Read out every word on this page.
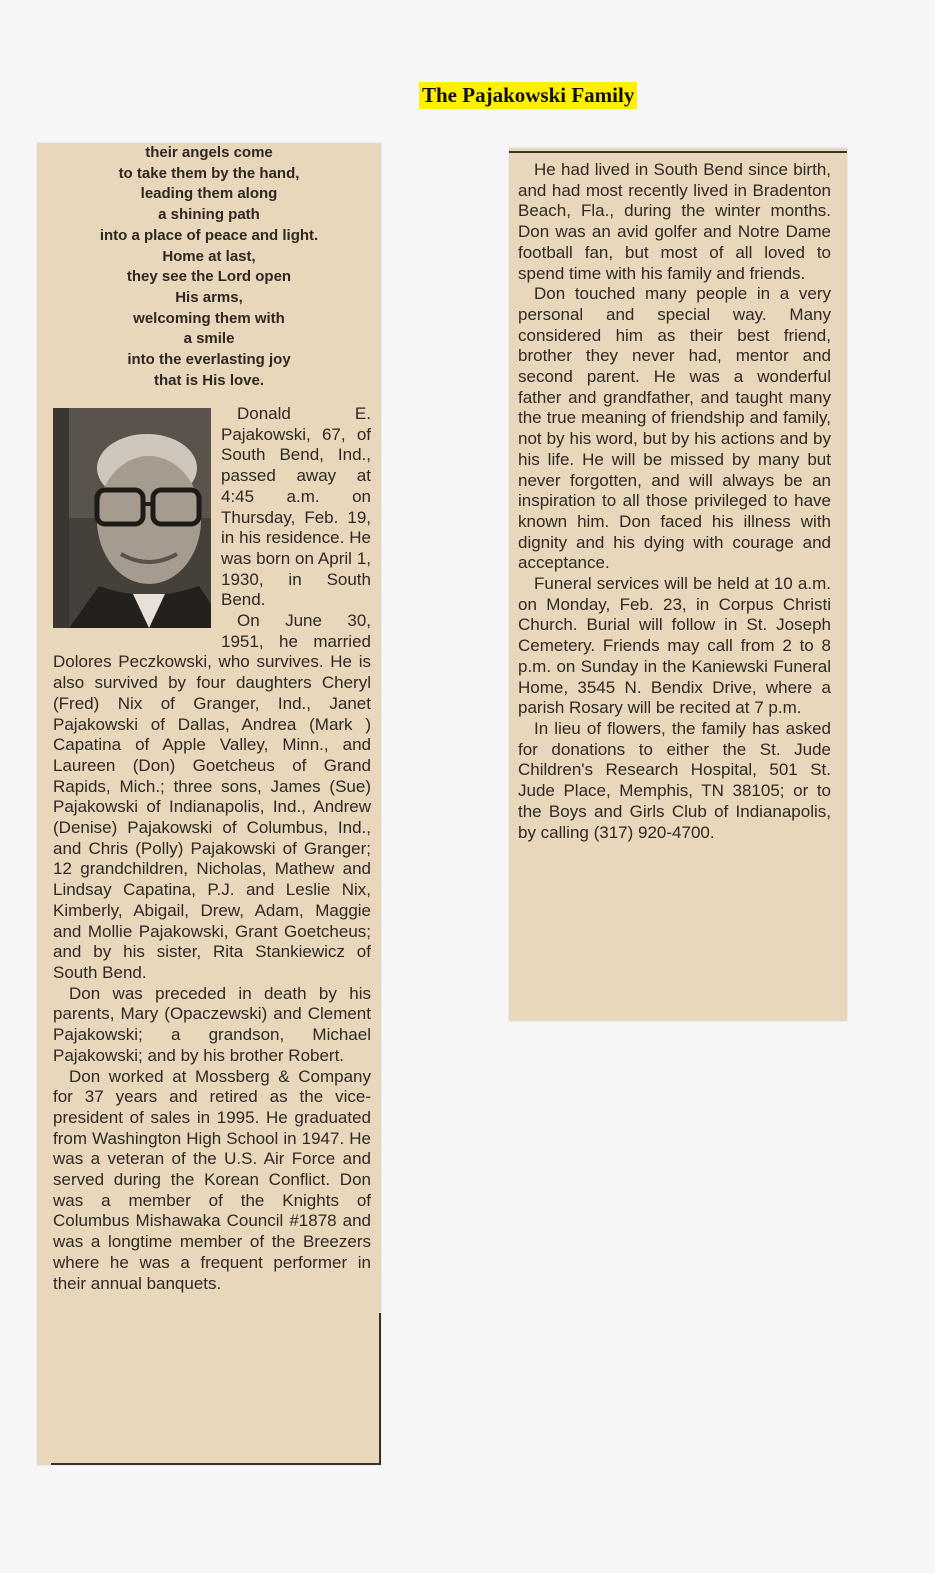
The Pajakowski Family

their angels come

to take them by the hand,

leading them along

a shining path

into a place of peace and light.

Home at last,

they see the Lord open

His arms,

welcoming them with

a smile

into the everlasting joy

that is His love.

Donald E. Pajakowski, 67, of South Bend, Ind., passed away at 4:45 a.m. on Thursday, Feb. 19, in his residence. He was born on April 1, 1930, in South Bend.

On June 30, 1951, he married Dolores Peczkowski, who survives. He is also survived by four daughters Cheryl (Fred) Nix of Granger, Ind., Janet Pajakowski of Dallas, Andrea (Mark ) Capatina of Apple Valley, Minn., and Laureen (Don) Goetcheus of Grand Rapids, Mich.; three sons, James (Sue) Pajakowski of Indianapolis, Ind., Andrew (Denise) Pajakowski of Columbus, Ind., and Chris (Polly) Pajakowski of Granger; 12 grandchildren, Nicholas, Mathew and Lindsay Capatina, P.J. and Leslie Nix, Kimberly, Abigail, Drew, Adam, Maggie and Mollie Pajakowski, Grant Goetcheus; and by his sister, Rita Stankiewicz of South Bend.

Don was preceded in death by his parents, Mary (Opaczewski) and Clement Pajakowski; a grandson, Michael Pajakowski; and by his brother Robert.

Don worked at Mossberg & Company for 37 years and retired as the vice-president of sales in 1995. He graduated from Washington High School in 1947. He was a veteran of the U.S. Air Force and served during the Korean Conflict. Don was a member of the Knights of Columbus Mishawaka Council #1878 and was a longtime member of the Breezers where he was a frequent performer in their annual banquets.

He had lived in South Bend since birth, and had most recently lived in Bradenton Beach, Fla., during the winter months. Don was an avid golfer and Notre Dame football fan, but most of all loved to spend time with his family and friends.

Don touched many people in a very personal and special way. Many considered him as their best friend, brother they never had, mentor and second parent. He was a wonderful father and grandfather, and taught many the true meaning of friendship and family, not by his word, but by his actions and by his life. He will be missed by many but never forgotten, and will always be an inspiration to all those privileged to have known him. Don faced his illness with dignity and his dying with courage and acceptance.

Funeral services will be held at 10 a.m. on Monday, Feb. 23, in Corpus Christi Church. Burial will follow in St. Joseph Cemetery. Friends may call from 2 to 8 p.m. on Sunday in the Kaniewski Funeral Home, 3545 N. Bendix Drive, where a parish Rosary will be recited at 7 p.m.

In lieu of flowers, the family has asked for donations to either the St. Jude Children's Research Hospital, 501 St. Jude Place, Memphis, TN 38105; or to the Boys and Girls Club of Indianapolis, by calling (317) 920-4700.
